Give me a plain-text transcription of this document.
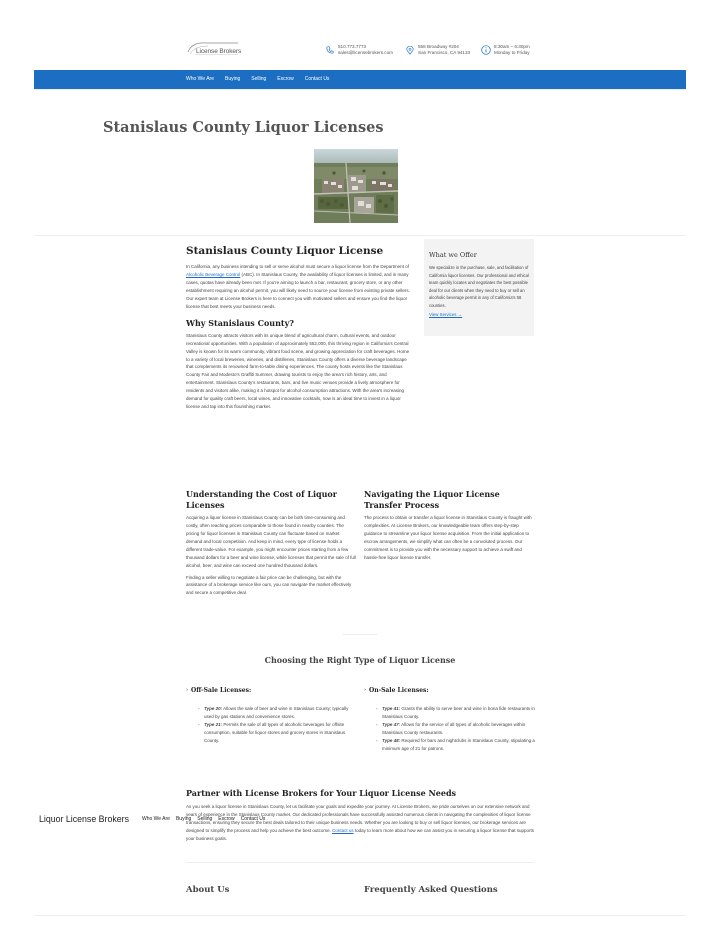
License Brokers
510.773.7773
sales@licensebrokers.com
558 Broadway #204
San Francisco, CA 94133
8:30am – 6:30pm
Monday to Friday
Who We Are Buying Selling Escrow Contact Us
Stanislaus County Liquor Licenses
Stanislaus County Liquor License

In California, any business intending to sell or serve alcohol must secure a liquor license from the Department of Alcoholic Beverage Control (ABC). In Stanislaus County, the availability of liquor licenses is limited, and in many cases, quotas have already been met. If you're aiming to launch a bar, restaurant, grocery store, or any other establishment requiring an alcohol permit, you will likely need to source your license from existing private sellers. Our expert team at License Brokers is here to connect you with motivated sellers and ensure you find the liquor license that best meets your business needs.

Why Stanislaus County?

Stanislaus County attracts visitors with its unique blend of agricultural charm, cultural events, and outdoor recreational opportunities. With a population of approximately 552,000, this thriving region in California's Central Valley is known for its warm community, vibrant food scene, and growing appreciation for craft beverages. Home to a variety of local breweries, wineries, and distilleries, Stanislaus County offers a diverse beverage landscape that complements its renowned farm-to-table dining experiences. The county hosts events like the Stanislaus County Fair and Modesto's Graffiti Summer, drawing tourists to enjoy the area's rich history, arts, and entertainment. Stanislaus County's restaurants, bars, and live music venues provide a lively atmosphere for residents and visitors alike, making it a hotspot for alcohol consumption attractions. With the area's increasing demand for quality craft beers, local wines, and innovative cocktails, now is an ideal time to invest in a liquor license and tap into this flourishing market.

What we Offer

We specialize in the purchase, sale, and facilitation of California liquor licenses. Our professional and ethical team quickly locates and negotiates the best possible deal for our clients when they need to buy or sell an alcoholic beverage permit in any of California's 58 counties.

View Services →
Understanding the Cost of Liquor Licenses

Acquiring a liquor license in Stanislaus County can be both time-consuming and costly, often reaching prices comparable to those found in nearby counties. The pricing for liquor licenses in Stanislaus County can fluctuate based on market demand and local competition. And keep in mind, every type of license holds a different trade-value. For example, you might encounter prices starting from a few thousand dollars for a beer and wine license, while licenses that permit the sale of full alcohol, beer, and wine can exceed one hundred thousand dollars.

Finding a seller willing to negotiate a fair price can be challenging, but with the assistance of a brokerage service like ours, you can navigate the market effectively and secure a competitive deal.

Navigating the Liquor License Transfer Process

The process to obtain or transfer a liquor license in Stanislaus County is fraught with complexities. At License Brokers, our knowledgeable team offers step-by-step guidance to streamline your liquor license acquisition. From the initial application to escrow arrangements, we simplify what can often be a convoluted process. Our commitment is to provide you with the necessary support to achieve a swift and hassle-free liquor license transfer.

Choosing the Right Type of Liquor License
› Off-Sale Licenses:
◦ Type 20: Allows the sale of beer and wine in Stanislaus County; typically used by gas stations and convenience stores.
◦ Type 21: Permits the sale of all types of alcoholic beverages for offsite consumption, suitable for liquor stores and grocery stores in Stanislaus County.
› On-Sale Licenses:
◦ Type 41: Grants the ability to serve beer and wine in bona fide restaurants in Stanislaus County.
◦ Type 47: Allows for the service of all types of alcoholic beverages within Stanislaus County restaurants.
◦ Type 48: Required for bars and nightclubs in Stanislaus County, stipulating a minimum age of 21 for patrons.
Partner with License Brokers for Your Liquor License Needs

As you seek a liquor license in Stanislaus County, let us facilitate your goals and expedite your journey. At License Brokers, we pride ourselves on our extensive network and years of experience in the Stanislaus County market. Our dedicated professionals have successfully assisted numerous clients in navigating the complexities of liquor license transactions, ensuring they secure the best deals tailored to their unique business needs. Whether you are looking to buy or sell liquor licenses, our brokerage services are designed to simplify the process and help you achieve the best outcome. Contact us today to learn more about how we can assist you in securing a liquor license that supports your business goals.

Liquor License Brokers	Who We Are Buying Selling Escrow Contact Us
About Us	Frequently Asked Questions
